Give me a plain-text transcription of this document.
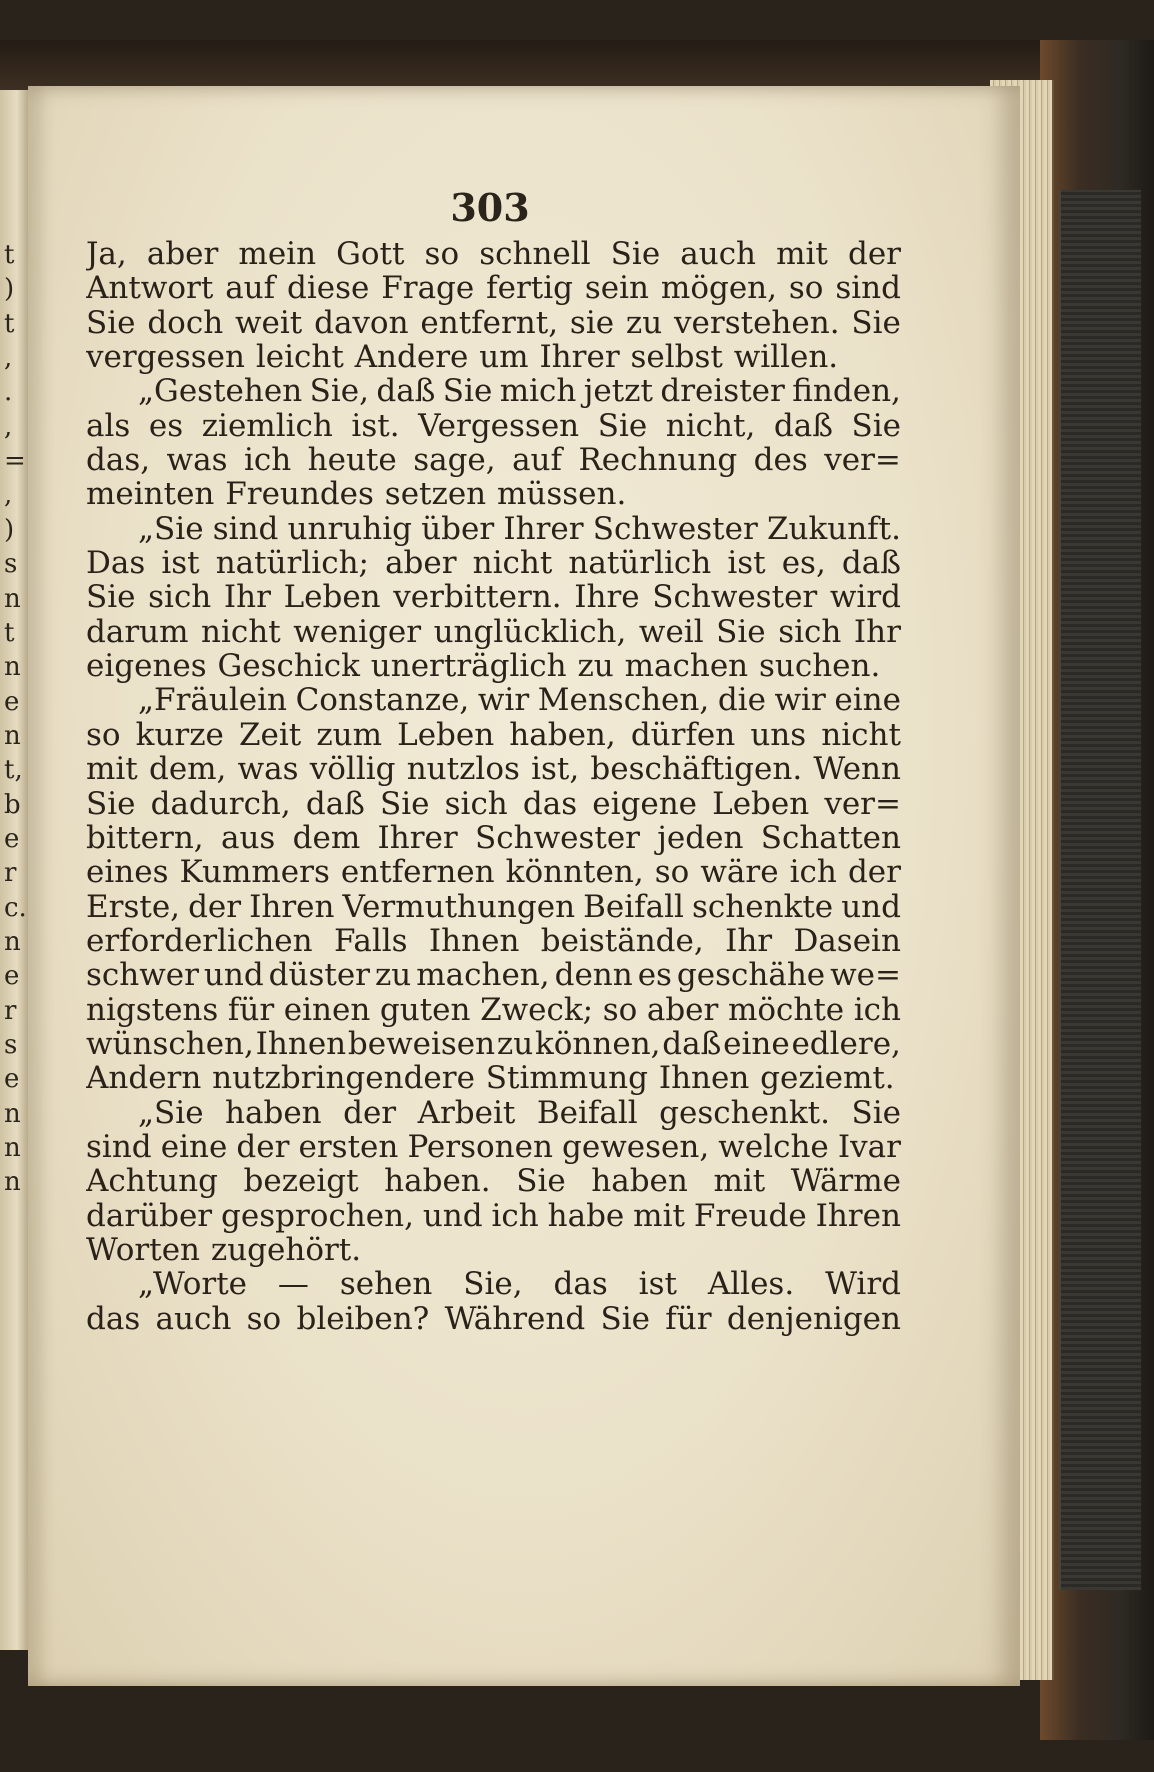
t
)
t
,
.
,
=
,
)
s
n
t
n
e
n
t,
b
e
r
c.
n
e
r
s
e
n
n
n

303

Ja, aber mein Gott so schnell Sie auch mit der
Antwort auf diese Frage fertig sein mögen, so sind
Sie doch weit davon entfernt, sie zu verstehen. Sie
vergessen leicht Andere um Ihrer selbst willen.
„Gestehen Sie, daß Sie mich jetzt dreister finden,
als es ziemlich ist. Vergessen Sie nicht, daß Sie
das, was ich heute sage, auf Rechnung des ver=
meinten Freundes setzen müssen.
„Sie sind unruhig über Ihrer Schwester Zukunft.
Das ist natürlich; aber nicht natürlich ist es, daß
Sie sich Ihr Leben verbittern. Ihre Schwester wird
darum nicht weniger unglücklich, weil Sie sich Ihr
eigenes Geschick unerträglich zu machen suchen.
„Fräulein Constanze, wir Menschen, die wir eine
so kurze Zeit zum Leben haben, dürfen uns nicht
mit dem, was völlig nutzlos ist, beschäftigen. Wenn
Sie dadurch, daß Sie sich das eigene Leben ver=
bittern, aus dem Ihrer Schwester jeden Schatten
eines Kummers entfernen könnten, so wäre ich der
Erste, der Ihren Vermuthungen Beifall schenkte und
erforderlichen Falls Ihnen beistände, Ihr Dasein
schwer und düster zu machen, denn es geschähe we=
nigstens für einen guten Zweck; so aber möchte ich
wünschen, Ihnen beweisen zu können, daß eine edlere,
Andern nutzbringendere Stimmung Ihnen geziemt.
„Sie haben der Arbeit Beifall geschenkt. Sie
sind eine der ersten Personen gewesen, welche Ivar
Achtung bezeigt haben. Sie haben mit Wärme
darüber gesprochen, und ich habe mit Freude Ihren
Worten zugehört.
„Worte — sehen Sie, das ist Alles. Wird
das auch so bleiben? Während Sie für denjenigen
